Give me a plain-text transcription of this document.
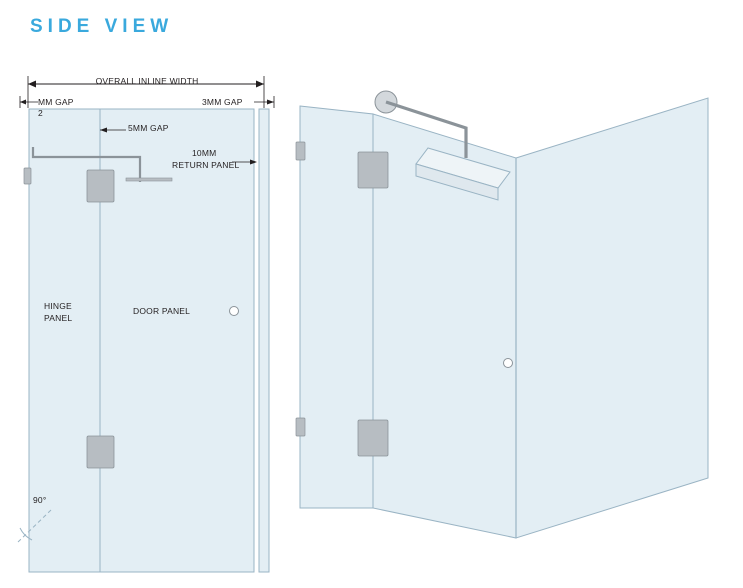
SIDE VIEW
OVERALL INLINE WIDTH
MM GAP
2
3MM GAP
5MM GAP
10MM
RETURN PANEL
HINGE
PANEL
DOOR PANEL
90°
